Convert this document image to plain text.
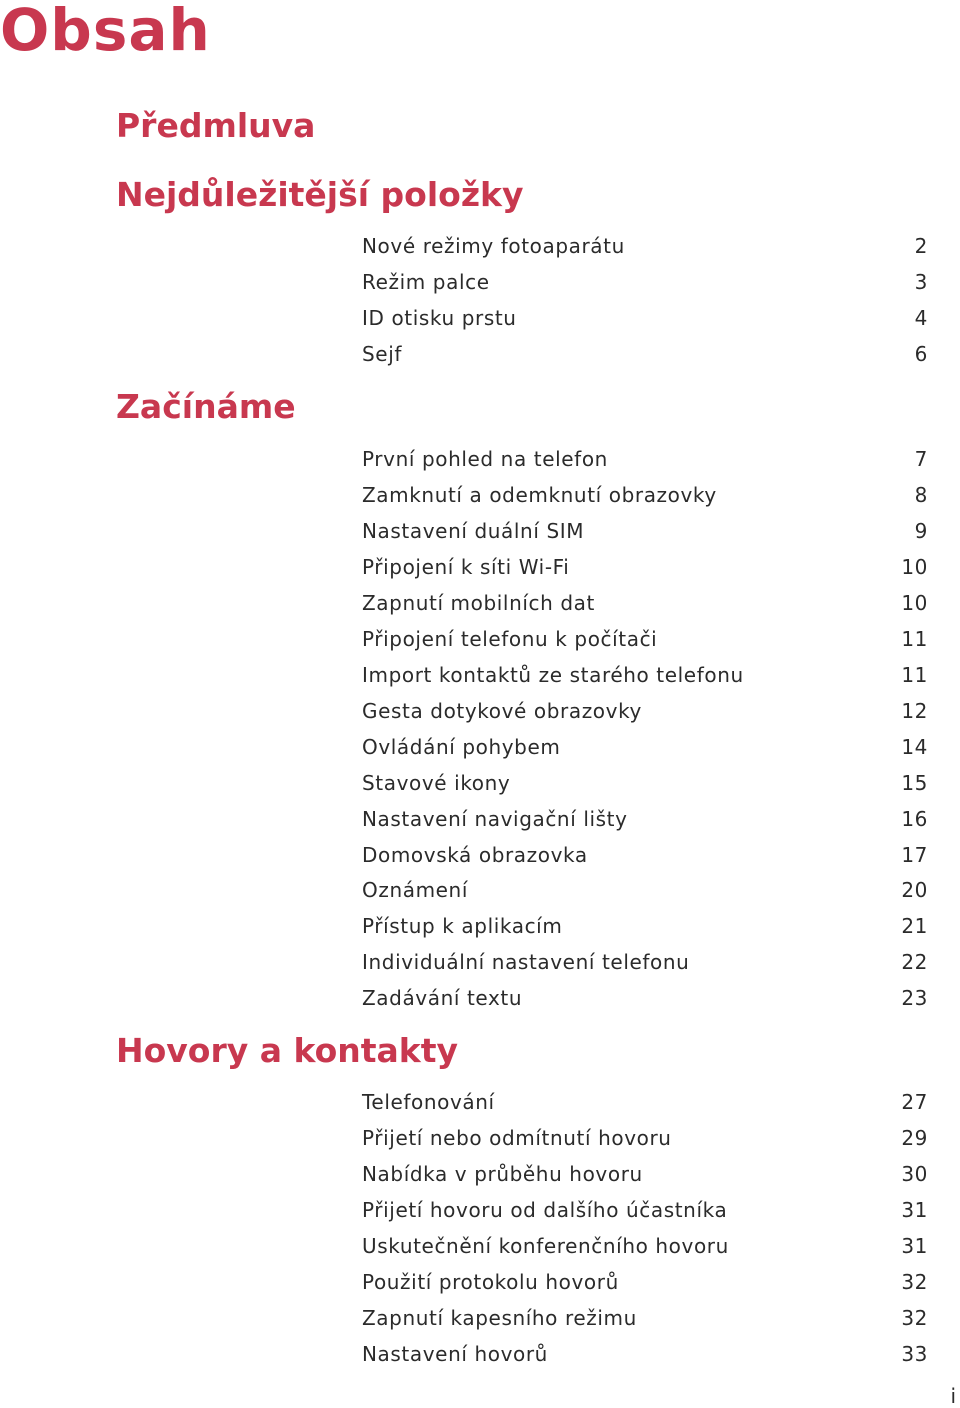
Obsah
Předmluva
Nejdůležitější položky
Nové režimy fotoaparátu	2
Režim palce	3
ID otisku prstu	4
Sejf	6
Začínáme
První pohled na telefon	7
Zamknutí a odemknutí obrazovky	8
Nastavení duální SIM	9
Připojení k síti Wi-Fi	10
Zapnutí mobilních dat	10
Připojení telefonu k počítači	11
Import kontaktů ze starého telefonu	11
Gesta dotykové obrazovky	12
Ovládání pohybem	14
Stavové ikony	15
Nastavení navigační lišty	16
Domovská obrazovka	17
Oznámení	20
Přístup k aplikacím	21
Individuální nastavení telefonu	22
Zadávání textu	23
Hovory a kontakty
Telefonování	27
Přijetí nebo odmítnutí hovoru	29
Nabídka v průběhu hovoru	30
Přijetí hovoru od dalšího účastníka	31
Uskutečnění konferenčního hovoru	31
Použití protokolu hovorů	32
Zapnutí kapesního režimu	32
Nastavení hovorů	33
i
